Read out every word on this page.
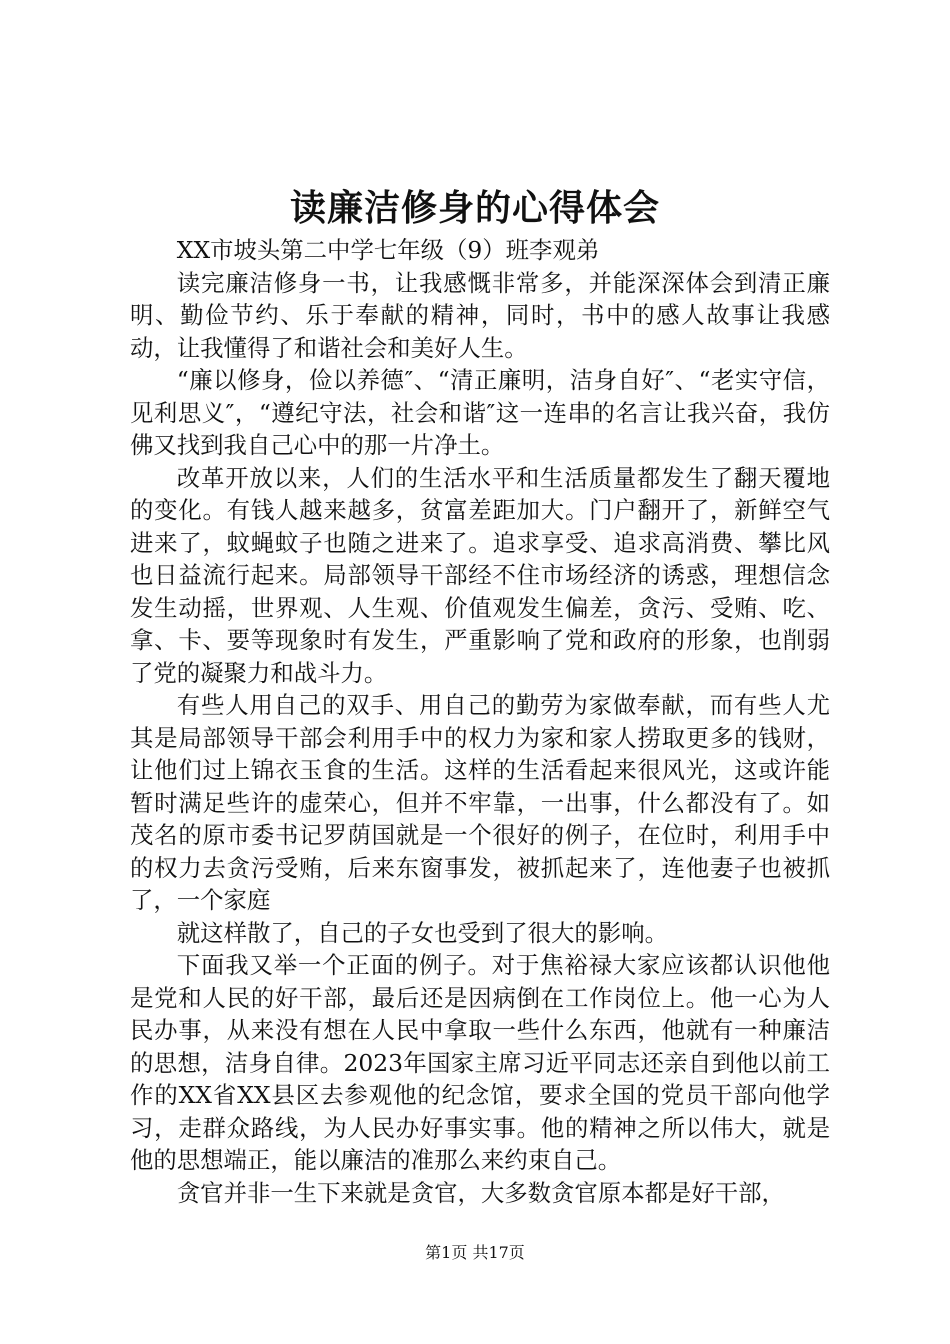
读廉洁修身的心得体会

XX市坡头第二中学七年级（9）班李观弟

读完廉洁修身一书，让我感慨非常多，并能深深体会到清正廉明、勤俭节约、乐于奉献的精神，同时，书中的感人故事让我感动，让我懂得了和谐社会和美好人生。

“廉以修身，俭以养德″、“清正廉明，洁身自好″、“老实守信，见利思义″，“遵纪守法，社会和谐″这一连串的名言让我兴奋，我仿佛又找到我自己心中的那一片净土。

改革开放以来，人们的生活水平和生活质量都发生了翻天覆地的变化。有钱人越来越多，贫富差距加大。门户翻开了，新鲜空气进来了，蚊蝇蚊子也随之进来了。追求享受、追求高消费、攀比风也日益流行起来。局部领导干部经不住市场经济的诱惑，理想信念发生动摇，世界观、人生观、价值观发生偏差，贪污、受贿、吃、拿、卡、要等现象时有发生，严重影响了党和政府的形象，也削弱了党的凝聚力和战斗力。

有些人用自己的双手、用自己的勤劳为家做奉献，而有些人尤其是局部领导干部会利用手中的权力为家和家人捞取更多的钱财，让他们过上锦衣玉食的生活。这样的生活看起来很风光，这或许能暂时满足些许的虚荣心，但并不牢靠，一出事，什么都没有了。如茂名的原市委书记罗荫国就是一个很好的例子，在位时，利用手中的权力去贪污受贿，后来东窗事发，被抓起来了，连他妻子也被抓了，一个家庭

就这样散了，自己的子女也受到了很大的影响。

下面我又举一个正面的例子。对于焦裕禄大家应该都认识他他是党和人民的好干部，最后还是因病倒在工作岗位上。他一心为人民办事，从来没有想在人民中拿取一些什么东西，他就有一种廉洁的思想，洁身自律。2023年国家主席习近平同志还亲自到他以前工作的XX省XX县区去参观他的纪念馆，要求全国的党员干部向他学习，走群众路线，为人民办好事实事。他的精神之所以伟大，就是他的思想端正，能以廉洁的准那么来约束自己。

贪官并非一生下来就是贪官，大多数贪官原本都是好干部，

第1页 共17页
